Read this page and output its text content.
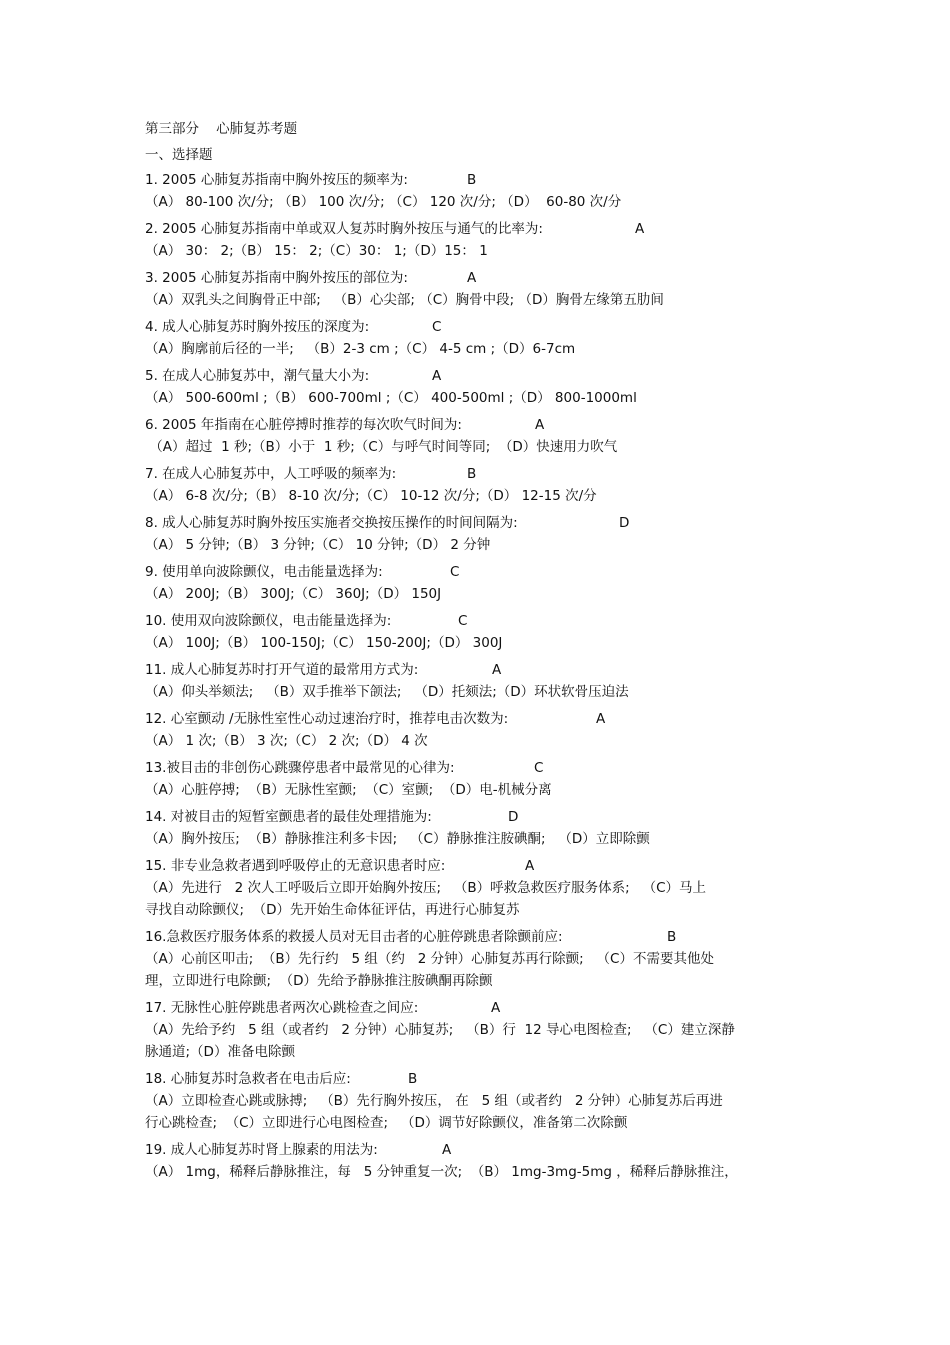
第三部分    心肺复苏考题
一、选择题
1. 2005 心肺复苏指南中胸外按压的频率为:	B
（A） 80-100 次/分; （B） 100 次/分; （C） 120 次/分; （D）  60-80 次/分
2. 2005 心肺复苏指南中单或双人复苏时胸外按压与通气的比率为:	A
（A） 30： 2;（B） 15： 2;（C）30： 1;（D）15： 1
3. 2005 心肺复苏指南中胸外按压的部位为:	A
（A）双乳头之间胸骨正中部;   （B）心尖部; （C）胸骨中段; （D）胸骨左缘第五肋间
4. 成人心肺复苏时胸外按压的深度为:	C
（A）胸廓前后径的一半;   （B）2-3 cm ;（C） 4-5 cm ;（D）6-7cm
5. 在成人心肺复苏中，潮气量大小为:	A
（A） 500-600ml ;（B） 600-700ml ;（C） 400-500ml ;（D） 800-1000ml
6. 2005 年指南在心脏停搏时推荐的每次吹气时间为:	A
（A）超过  1 秒;（B）小于  1 秒;（C）与呼气时间等同;  （D）快速用力吹气
7. 在成人心肺复苏中，人工呼吸的频率为:	B
（A） 6-8 次/分;（B） 8-10 次/分;（C） 10-12 次/分;（D） 12-15 次/分
8. 成人心肺复苏时胸外按压实施者交换按压操作的时间间隔为:	D
（A） 5 分钟;（B） 3 分钟;（C） 10 分钟;（D） 2 分钟
9. 使用单向波除颤仪，电击能量选择为:	C
（A） 200J;（B） 300J;（C） 360J;（D） 150J
10. 使用双向波除颤仪，电击能量选择为:	C
（A） 100J;（B） 100-150J;（C） 150-200J;（D） 300J
11. 成人心肺复苏时打开气道的最常用方式为:	A
（A）仰头举颏法;   （B）双手推举下颌法;   （D）托颏法;（D）环状软骨压迫法
12. 心室颤动 /无脉性室性心动过速治疗时，推荐电击次数为:	A
（A） 1 次;（B） 3 次;（C） 2 次;（D） 4 次
13.被目击的非创伤心跳骤停患者中最常见的心律为:	C
（A）心脏停搏;  （B）无脉性室颤;  （C）室颤;  （D）电-机械分离
14. 对被目击的短暂室颤患者的最佳处理措施为:	D
（A）胸外按压;  （B）静脉推注利多卡因;   （C）静脉推注胺碘酮;   （D）立即除颤
15. 非专业急救者遇到呼吸停止的无意识患者时应:	A
（A）先进行   2 次人工呼吸后立即开始胸外按压;   （B）呼救急救医疗服务体系;   （C）马上
寻找自动除颤仪;  （D）先开始生命体征评估，再进行心肺复苏
16.急救医疗服务体系的救援人员对无目击者的心脏停跳患者除颤前应:	B
（A）心前区叩击;  （B）先行约   5 组（约   2 分钟）心肺复苏再行除颤;   （C）不需要其他处
理，立即进行电除颤;  （D）先给予静脉推注胺碘酮再除颤
17. 无脉性心脏停跳患者两次心跳检查之间应:	A
（A）先给予约   5 组（或者约   2 分钟）心肺复苏;   （B）行  12 导心电图检查;   （C）建立深静
脉通道;（D）准备电除颤
18. 心肺复苏时急救者在电击后应:	B
（A）立即检查心跳或脉搏;   （B）先行胸外按压， 在   5 组（或者约   2 分钟）心肺复苏后再进
行心跳检查;  （C）立即进行心电图检查;   （D）调节好除颤仪，准备第二次除颤
19. 成人心肺复苏时肾上腺素的用法为:	A
（A） 1mg，稀释后静脉推注，每   5 分钟重复一次;  （B） 1mg-3mg-5mg ，稀释后静脉推注，
